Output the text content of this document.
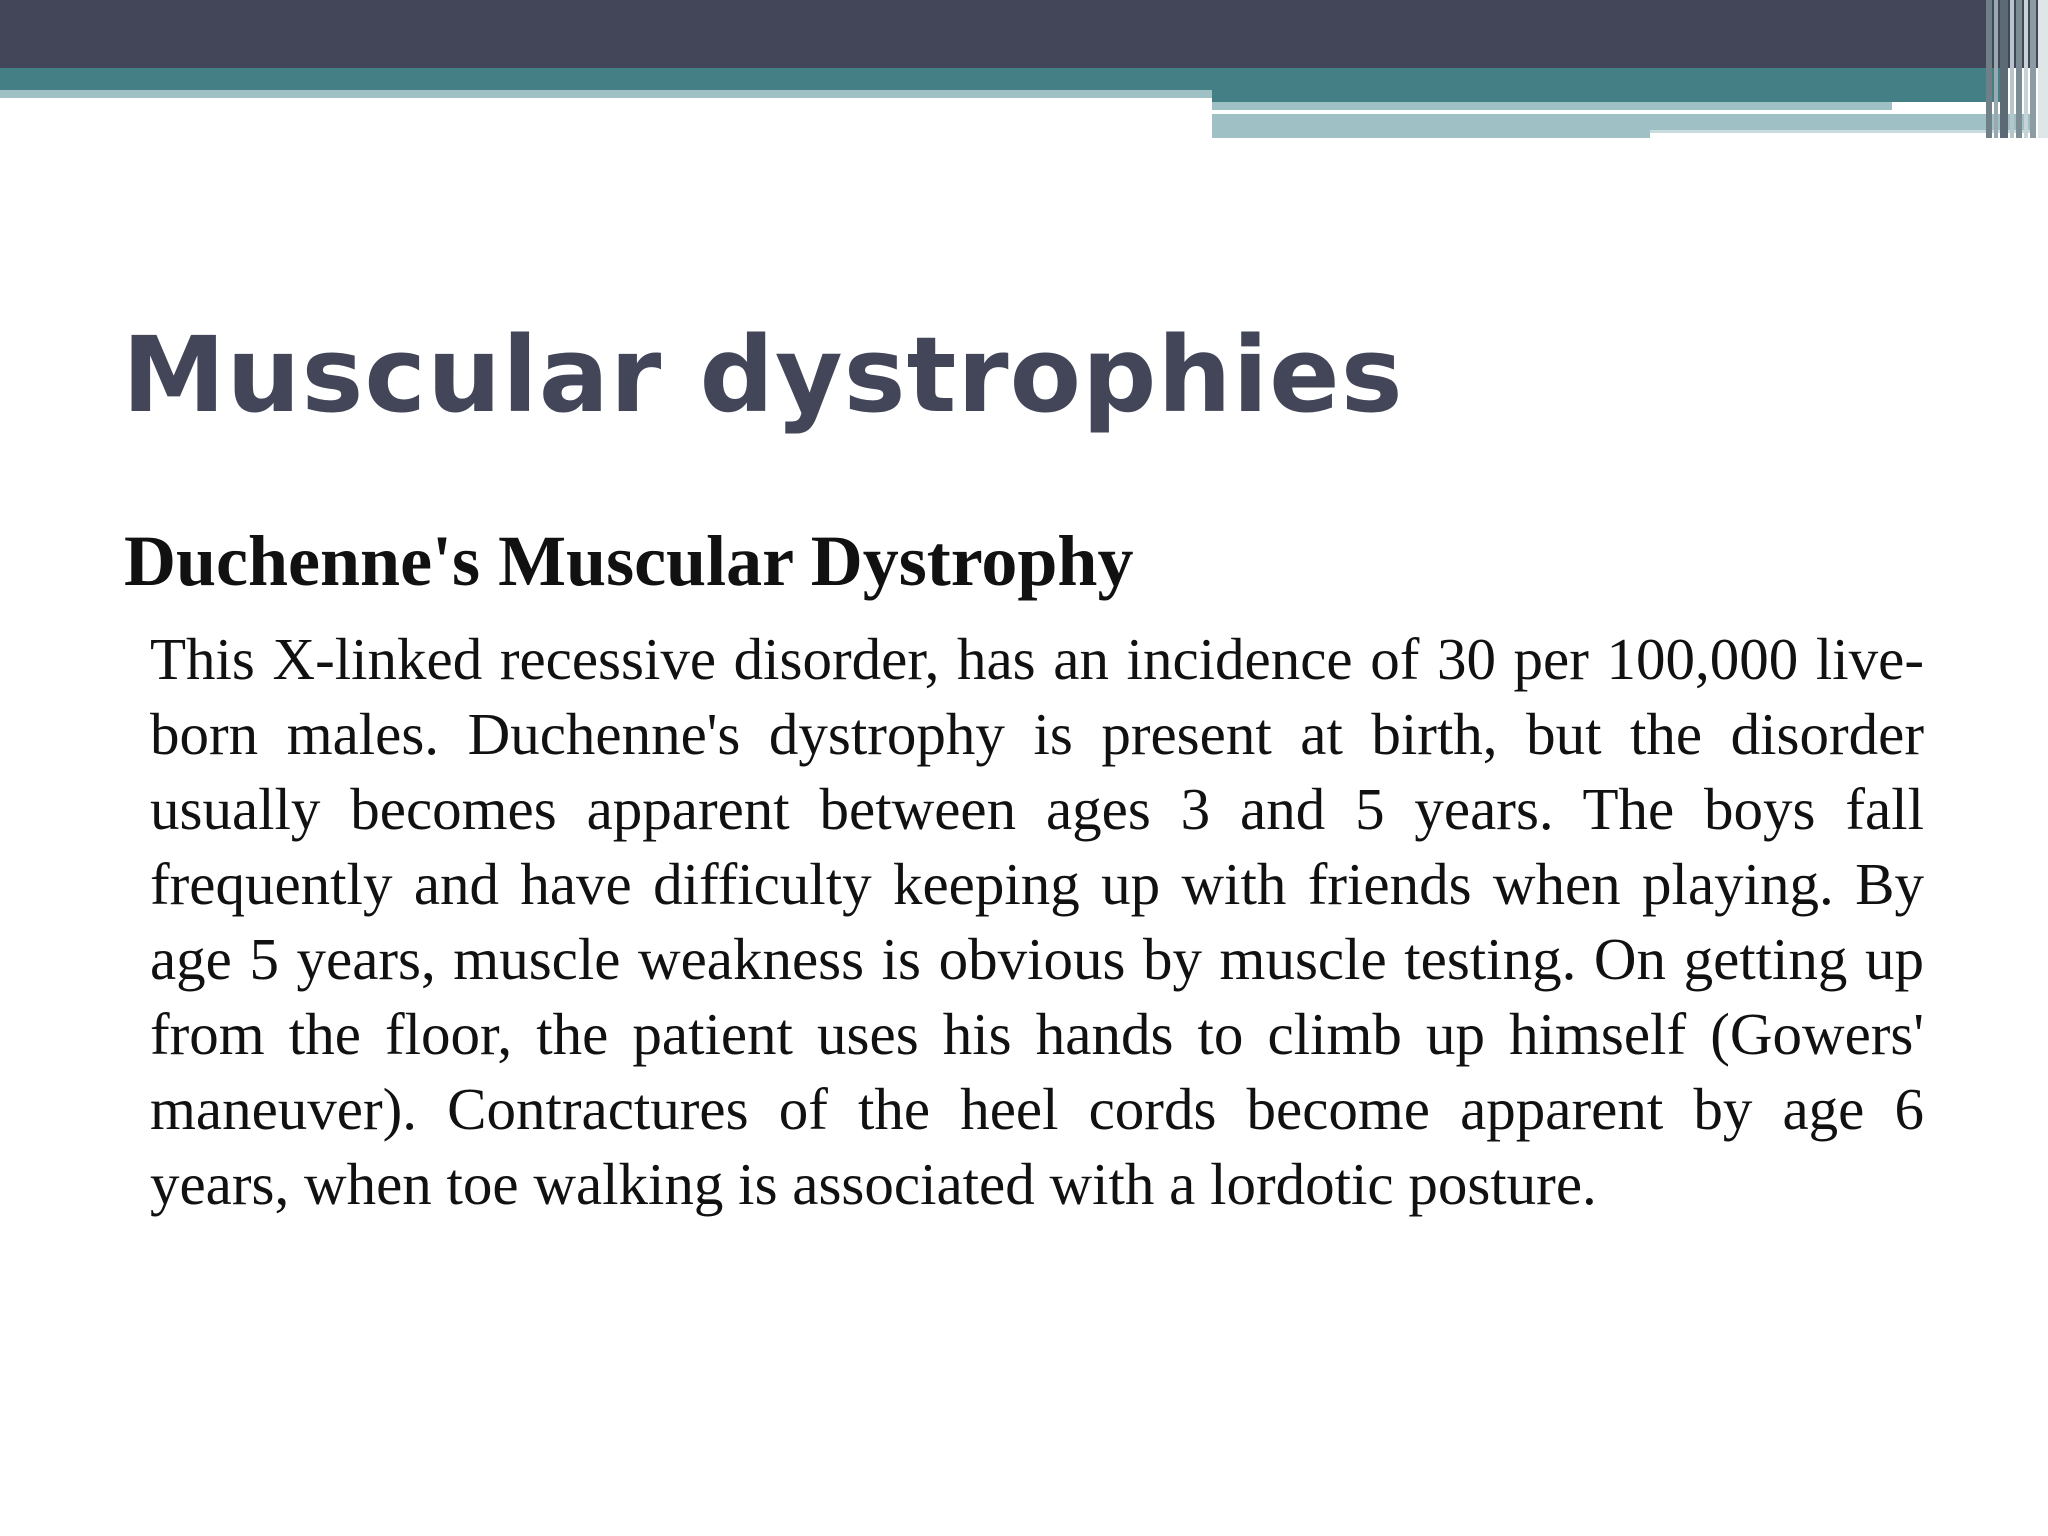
Muscular dystrophies
Duchenne's Muscular Dystrophy

This X-linked recessive disorder, has an incidence of 30 per 100,000 live-born males. Duchenne's dystrophy is present at birth, but the disorder usually becomes apparent between ages 3 and 5 years. The boys fall frequently and have difficulty keeping up with friends when playing. By age 5 years, muscle weakness is obvious by muscle testing. On getting up from the floor, the patient uses his hands to climb up himself (Gowers' maneuver). Contractures of the heel cords become apparent by age 6 years, when toe walking is associated with a lordotic posture.
